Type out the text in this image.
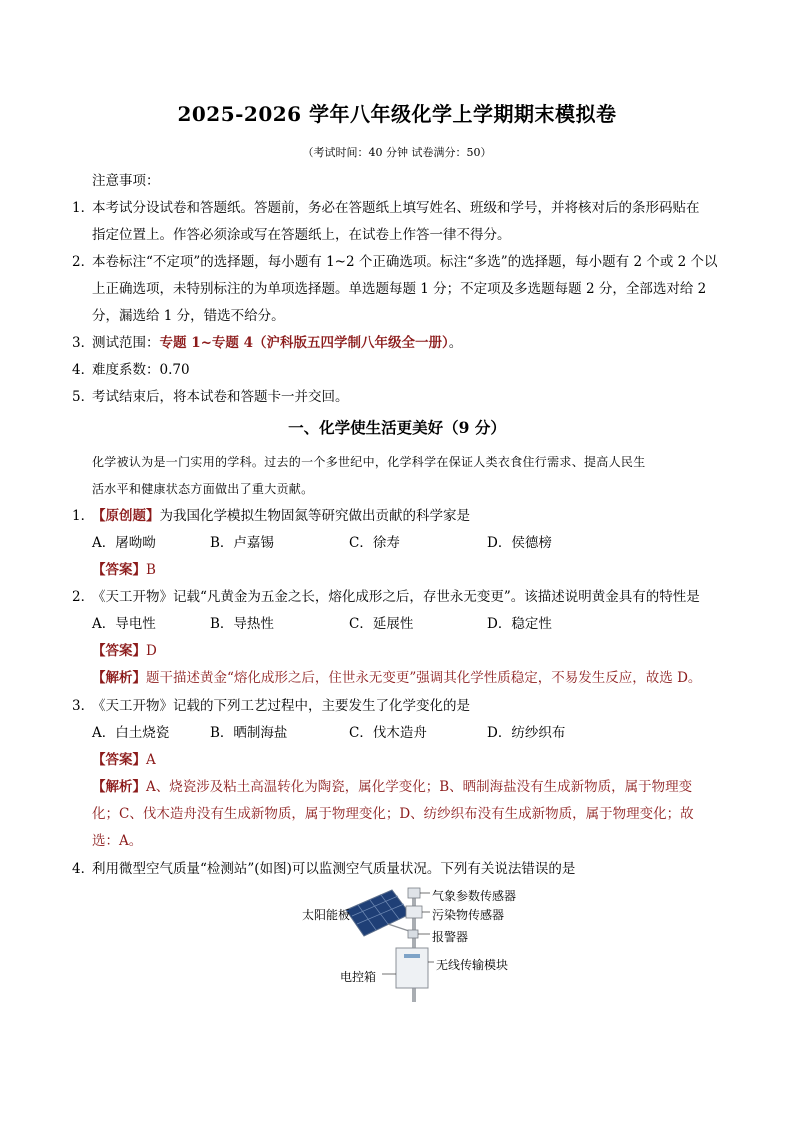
2025-2026 学年八年级化学上学期期末模拟卷
（考试时间：40 分钟 试卷满分：50）
注意事项：
1．
本考试分设试卷和答题纸。答题前，务必在答题纸上填写姓名、班级和学号，并将核对后的条形码贴在
指定位置上。作答必须涂或写在答题纸上，在试卷上作答一律不得分。
2．
本卷标注“不定项”的选择题，每小题有 1~2 个正确选项。标注“多选”的选择题，每小题有 2 个或 2 个以
上正确选项，未特别标注的为单项选择题。单选题每题 1 分；不定项及多选题每题 2 分，全部选对给 2
分，漏选给 1 分，错选不给分。
3．
测试范围：专题 1~专题 4（沪科版五四学制八年级全一册）。
4．
难度系数：0.70
5．
考试结束后，将本试卷和答题卡一并交回。
一、化学使生活更美好（9 分）
化学被认为是一门实用的学科。过去的一个多世纪中，化学科学在保证人类衣食住行需求、提高人民生
活水平和健康状态方面做出了重大贡献。
1．
【原创题】为我国化学模拟生物固氮等研究做出贡献的科学家是
A．屠呦呦	B．卢嘉锡	C．徐寿	D．侯德榜
【答案】B
2．
《天工开物》记载“凡黄金为五金之长，熔化成形之后，存世永无变更”。该描述说明黄金具有的特性是
A．导电性	B．导热性	C．延展性	D．稳定性
【答案】D
【解析】题干描述黄金“熔化成形之后，住世永无变更”强调其化学性质稳定，不易发生反应，故选 D。
3．
《天工开物》记载的下列工艺过程中，主要发生了化学变化的是
A．白土烧瓷	B．晒制海盐	C．伐木造舟	D．纺纱织布
【答案】A
【解析】A、烧瓷涉及粘土高温转化为陶瓷，属化学变化；B、晒制海盐没有生成新物质，属于物理变
化；C、伐木造舟没有生成新物质，属于物理变化；D、纺纱织布没有生成新物质，属于物理变化；故
选：A。
4．
利用微型空气质量“检测站”(如图)可以监测空气质量状况。下列有关说法错误的是
太阳能板
气象参数传感器
污染物传感器
报警器
无线传输模块
电控箱
